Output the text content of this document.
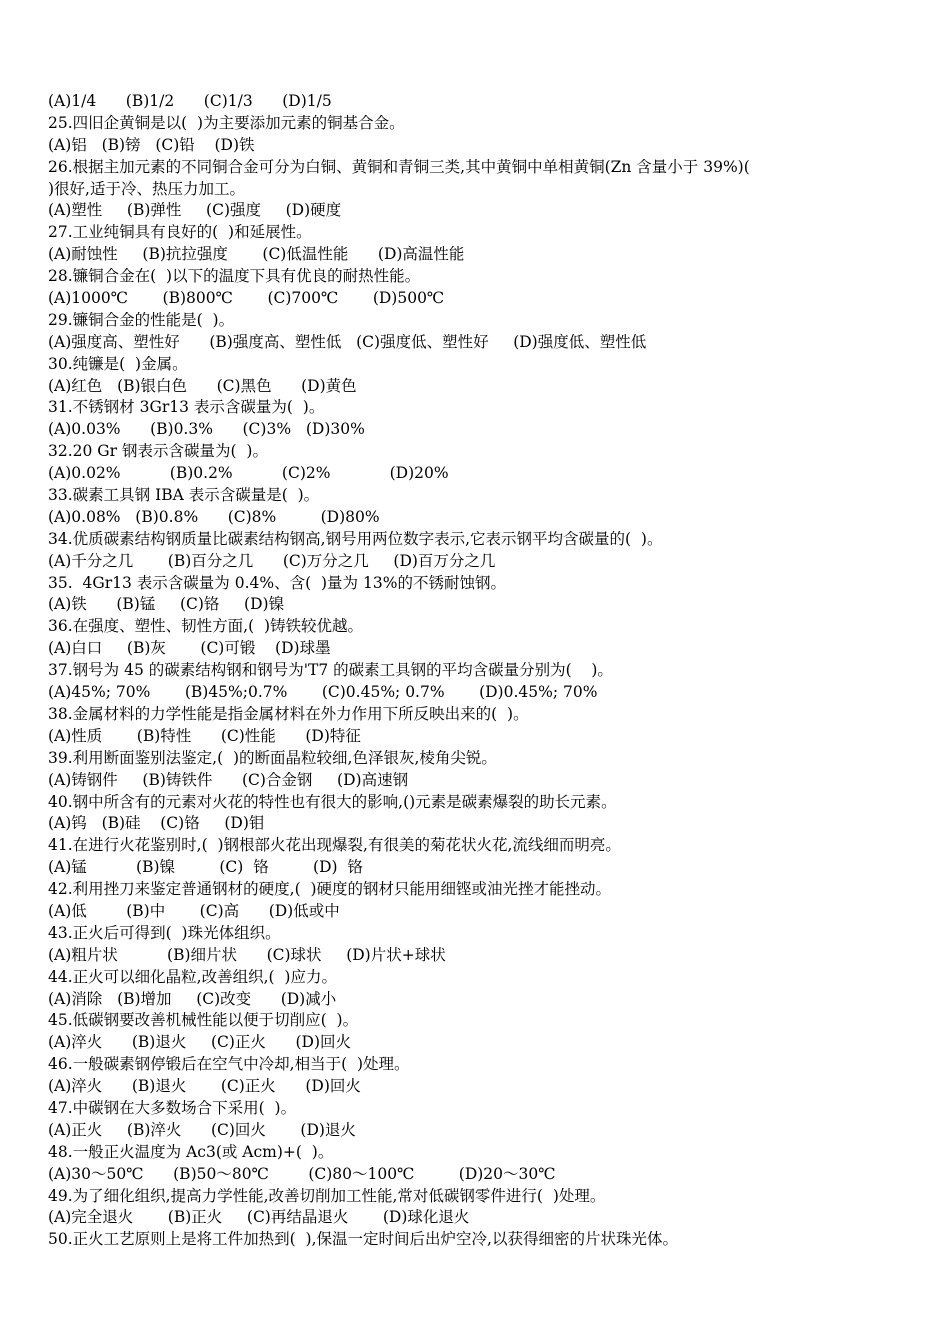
(A)1/4      (B)1/2      (C)1/3      (D)1/5
25.四旧企黄铜是以(  )为主要添加元素的铜基合金。
(A)铝   (B)镑   (C)铅    (D)铁
26.根据主加元素的不同铜合金可分为白铜、黄铜和青铜三类,其中黄铜中单相黄铜(Zn 含量小于 39%)(
)很好,适于冷、热压力加工。
(A)塑性     (B)弹性     (C)强度     (D)硬度
27.工业纯铜具有良好的(  )和延展性。
(A)耐蚀性     (B)抗拉强度       (C)低温性能      (D)高温性能
28.镰铜合金在(  )以下的温度下具有优良的耐热性能。
(A)1000℃       (B)800℃       (C)700℃       (D)500℃
29.镰铜合金的性能是(  )。
(A)强度高、塑性好      (B)强度高、塑性低   (C)强度低、塑性好     (D)强度低、塑性低
30.纯镰是(  )金属。
(A)红色   (B)银白色      (C)黑色      (D)黄色
31.不锈钢材 3Gr13 表示含碳量为(  )。
(A)0.03%      (B)0.3%      (C)3%   (D)30%
32.20 Gr 钢表示含碳量为(  )。
(A)0.02%          (B)0.2%          (C)2%            (D)20%
33.碳素工具钢 IBA 表示含碳量是(  )。
(A)0.08%   (B)0.8%      (C)8%         (D)80%
34.优质碳素结构钢质量比碳素结构钢高,钢号用两位数字表示,它表示钢平均含碳量的(  )。
(A)千分之几       (B)百分之几      (C)万分之几     (D)百万分之几
35.  4Gr13 表示含碳量为 0.4%、含(  )量为 13%的不锈耐蚀钢。
(A)铁      (B)锰     (C)铬     (D)镍
36.在强度、塑性、韧性方面,(  )铸铁较优越。
(A)白口     (B)灰       (C)可锻    (D)球墨
37.钢号为 45 的碳素结构钢和钢号为'T7 的碳素工具钢的平均含碳量分别为(    )。
(A)45%; 70%       (B)45%;0.7%       (C)0.45%; 0.7%       (D)0.45%; 70%
38.金属材料的力学性能是指金属材料在外力作用下所反映出来的(  )。
(A)性质       (B)特性      (C)性能      (D)特征
39.利用断面鉴别法鉴定,(  )的断面晶粒较细,色泽银灰,棱角尖锐。
(A)铸钢件     (B)铸铁件      (C)合金钢     (D)高速钢
40.钢中所含有的元素对火花的特性也有很大的影响,()元素是碳素爆裂的助长元素。
(A)钨   (B)硅    (C)铬     (D)钼
41.在进行火花鉴别时,(  )钢根部火花出现爆裂,有很美的菊花状火花,流线细而明亮。
(A)锰          (B)镍         (C)  铬         (D)  铬
42.利用挫刀来鉴定普通钢材的硬度,(  )硬度的钢材只能用细铿或油光挫才能挫动。
(A)低        (B)中       (C)高      (D)低或中
43.正火后可得到(  )珠光体组织。
(A)粗片状          (B)细片状      (C)球状     (D)片状+球状
44.正火可以细化晶粒,改善组织,(  )应力。
(A)消除   (B)增加     (C)改变      (D)减小
45.低碳钢要改善机械性能以便于切削应(  )。
(A)淬火      (B)退火     (C)正火      (D)回火
46.一般碳素钢停锻后在空气中冷却,相当于(  )处理。
(A)淬火      (B)退火       (C)正火      (D)回火
47.中碳钢在大多数场合下采用(  )。
(A)正火     (B)淬火      (C)回火       (D)退火
48.一般正火温度为 Ac3(或 Acm)+(  )。
(A)30～50℃      (B)50～80℃        (C)80～100℃         (D)20～30℃
49.为了细化组织,提高力学性能,改善切削加工性能,常对低碳钢零件进行(  )处理。
(A)完全退火       (B)正火     (C)再结晶退火       (D)球化退火
50.正火工艺原则上是将工件加热到(  ),保温一定时间后出炉空冷,以获得细密的片状珠光体。
